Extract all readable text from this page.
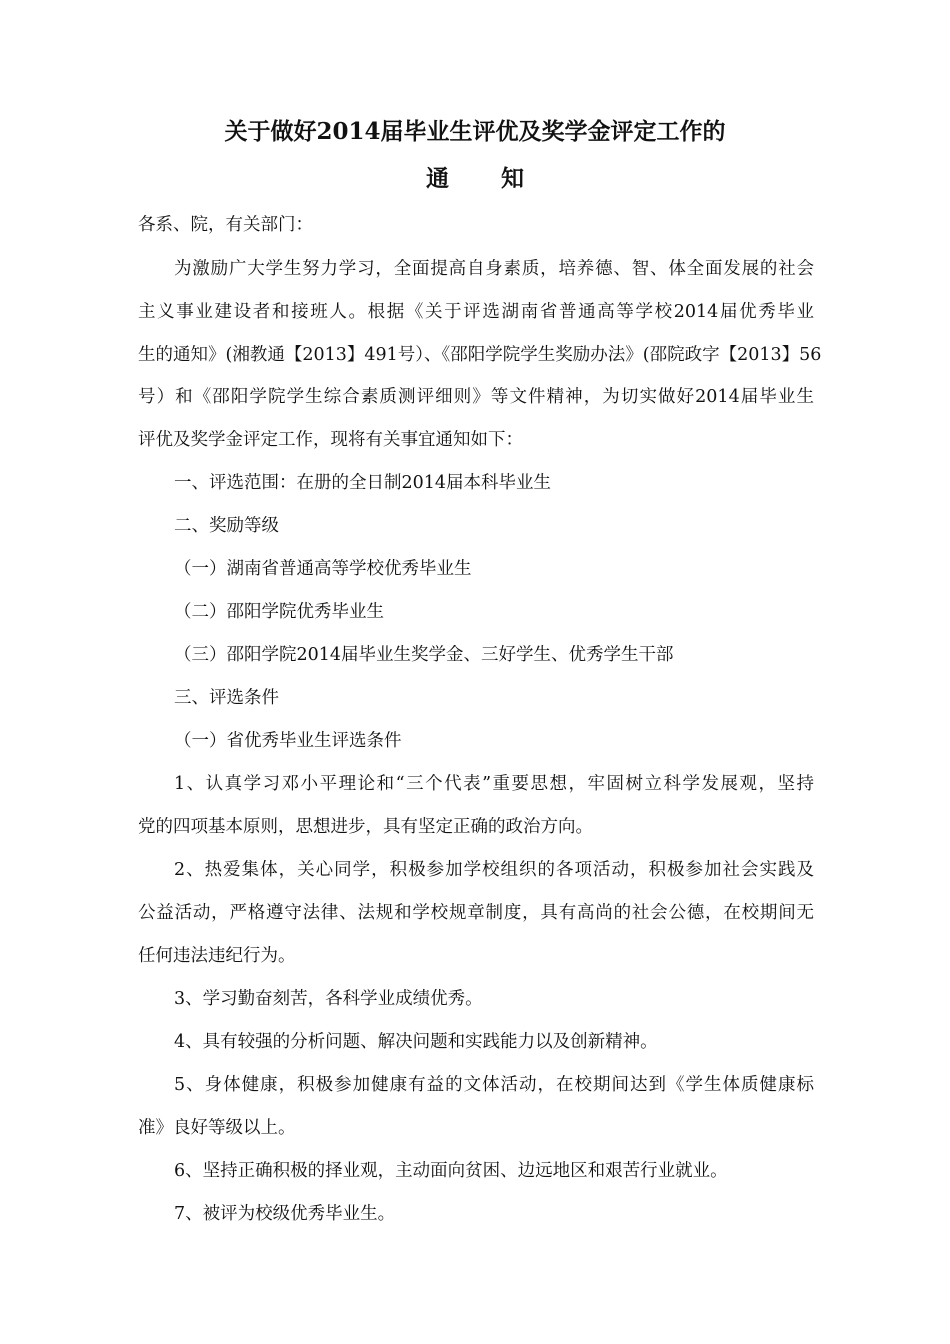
关于做好2014届毕业生评优及奖学金评定工作的
通知
各系、院，有关部门：
为激励广大学生努力学习，全面提高自身素质，培养德、智、体全面发展的社会
主义事业建设者和接班人。根据《关于评选湖南省普通高等学校2014届优秀毕业
生的通知》(湘教通【2013】491号）、《邵阳学院学生奖励办法》(邵院政字【2013】56
号）和《邵阳学院学生综合素质测评细则》等文件精神，为切实做好2014届毕业生
评优及奖学金评定工作，现将有关事宜通知如下：
一、评选范围：在册的全日制2014届本科毕业生
二、奖励等级
（一）湖南省普通高等学校优秀毕业生
（二）邵阳学院优秀毕业生
（三）邵阳学院2014届毕业生奖学金、三好学生、优秀学生干部
三、评选条件
（一）省优秀毕业生评选条件
1、认真学习邓小平理论和“三个代表”重要思想，牢固树立科学发展观，坚持
党的四项基本原则，思想进步，具有坚定正确的政治方向。
2、热爱集体，关心同学，积极参加学校组织的各项活动，积极参加社会实践及
公益活动，严格遵守法律、法规和学校规章制度，具有高尚的社会公德，在校期间无
任何违法违纪行为。
3、学习勤奋刻苦，各科学业成绩优秀。
4、具有较强的分析问题、解决问题和实践能力以及创新精神。
5、身体健康，积极参加健康有益的文体活动，在校期间达到《学生体质健康标
准》良好等级以上。
6、坚持正确积极的择业观，主动面向贫困、边远地区和艰苦行业就业。
7、被评为校级优秀毕业生。
